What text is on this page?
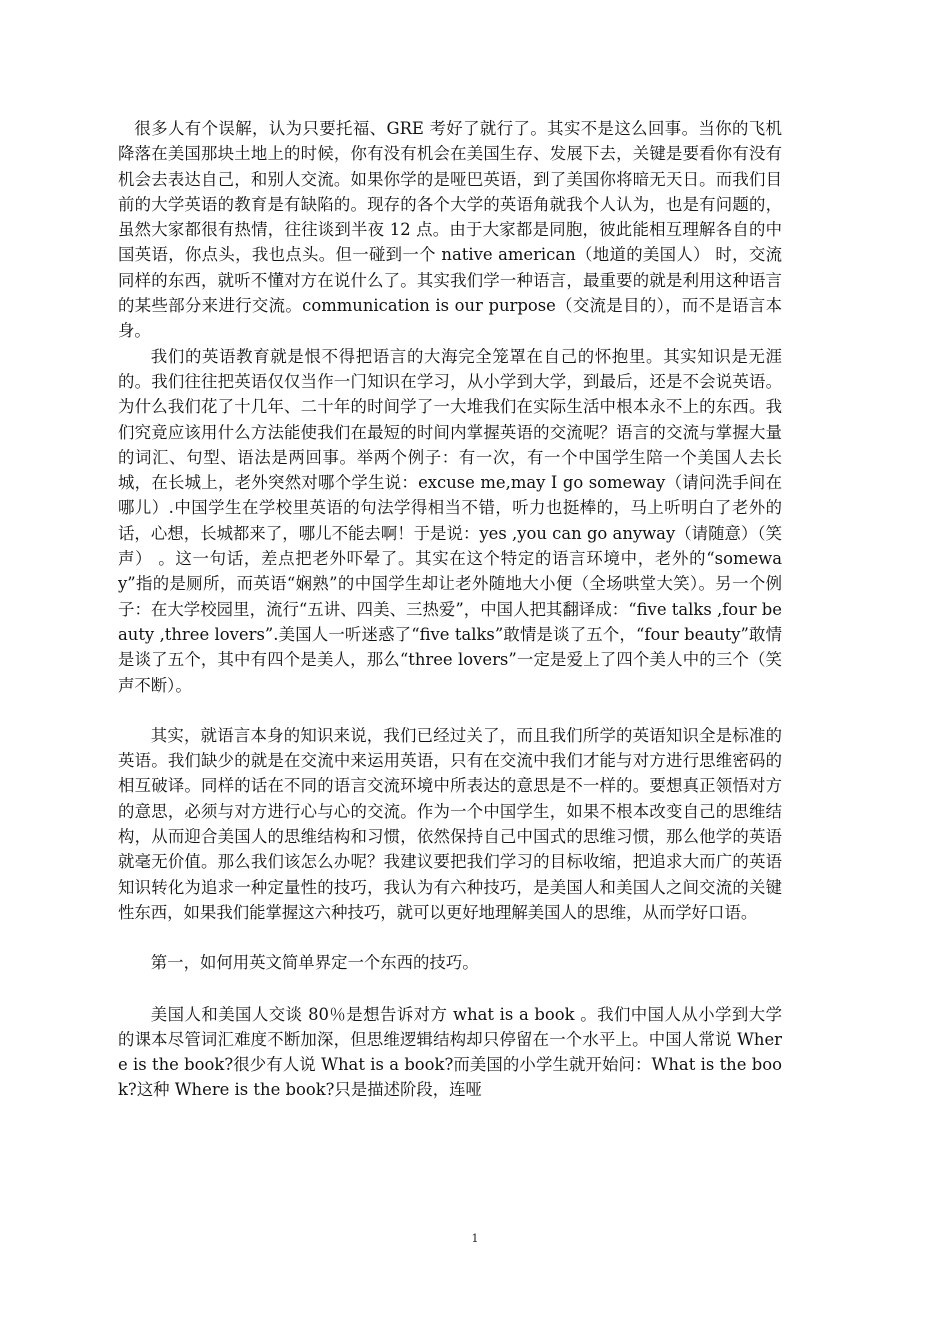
很多人有个误解，认为只要托福、GRE 考好了就行了。其实不是这么回事。当你的飞机降落在美国那块土地上的时候，你有没有机会在美国生存、发展下去，关键是要看你有没有机会去表达自己，和别人交流。如果你学的是哑巴英语，到了美国你将暗无天日。而我们目前的大学英语的教育是有缺陷的。现存的各个大学的英语角就我个人认为，也是有问题的，虽然大家都很有热情，往往谈到半夜 12 点。由于大家都是同胞，彼此能相互理解各自的中国英语，你点头，我也点头。但一碰到一个 native american（地道的美国人） 时，交流同样的东西，就听不懂对方在说什么了。其实我们学一种语言，最重要的就是利用这种语言的某些部分来进行交流。communication is our purpose（交流是目的），而不是语言本身。

我们的英语教育就是恨不得把语言的大海完全笼罩在自己的怀抱里。其实知识是无涯的。我们往往把英语仅仅当作一门知识在学习，从小学到大学，到最后，还是不会说英语。为什么我们花了十几年、二十年的时间学了一大堆我们在实际生活中根本永不上的东西。我们究竟应该用什么方法能使我们在最短的时间内掌握英语的交流呢？语言的交流与掌握大量的词汇、句型、语法是两回事。举两个例子：有一次，有一个中国学生陪一个美国人去长城，在长城上，老外突然对哪个学生说：excuse me,may I go someway（请问洗手间在哪儿）.中国学生在学校里英语的句法学得相当不错，听力也挺棒的，马上听明白了老外的话，心想，长城都来了，哪儿不能去啊！于是说：yes ,you can go anyway（请随意）（笑声） 。这一句话，差点把老外吓晕了。其实在这个特定的语言环境中，老外的“someway”指的是厕所，而英语“娴熟”的中国学生却让老外随地大小便（全场哄堂大笑）。另一个例子：在大学校园里，流行“五讲、四美、三热爱”，中国人把其翻译成：“five talks ,four beauty ,three lovers”.美国人一听迷惑了“five talks”敢情是谈了五个，“four beauty”敢情是谈了五个，其中有四个是美人，那么“three lovers”一定是爱上了四个美人中的三个（笑声不断）。

其实，就语言本身的知识来说，我们已经过关了，而且我们所学的英语知识全是标准的英语。我们缺少的就是在交流中来运用英语，只有在交流中我们才能与对方进行思维密码的相互破译。同样的话在不同的语言交流环境中所表达的意思是不一样的。要想真正领悟对方的意思，必须与对方进行心与心的交流。作为一个中国学生，如果不根本改变自己的思维结构，从而迎合美国人的思维结构和习惯，依然保持自己中国式的思维习惯，那么他学的英语就毫无价值。那么我们该怎么办呢？我建议要把我们学习的目标收缩，把追求大而广的英语知识转化为追求一种定量性的技巧，我认为有六种技巧，是美国人和美国人之间交流的关键性东西，如果我们能掌握这六种技巧，就可以更好地理解美国人的思维，从而学好口语。

第一，如何用英文简单界定一个东西的技巧。

美国人和美国人交谈 80％是想告诉对方 what is a book 。我们中国人从小学到大学的课本尽管词汇难度不断加深，但思维逻辑结构却只停留在一个水平上。中国人常说 Where is the book?很少有人说 What is a book?而美国的小学生就开始问：What is the book?这种 Where is the book?只是描述阶段，连哑

1
